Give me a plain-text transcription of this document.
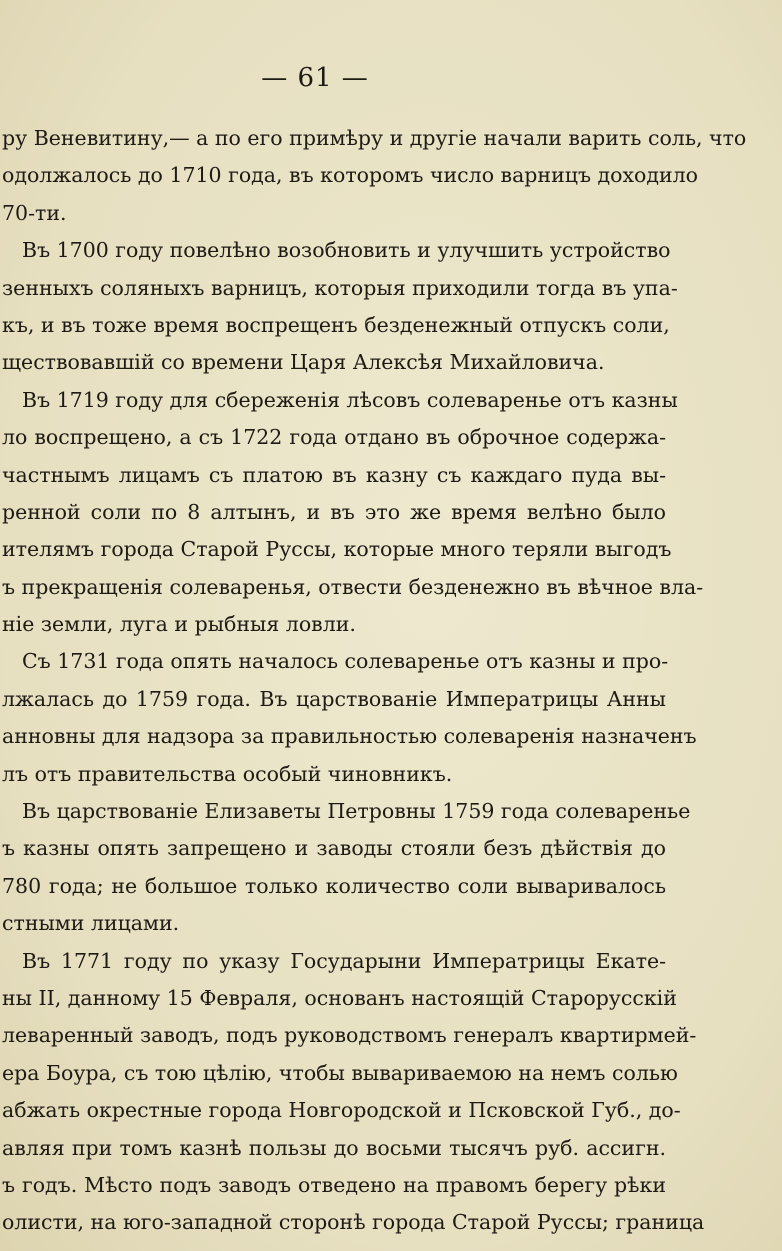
— 61 —
ру Веневитину,— а по его примѣру и другіе начали варить соль, что
одолжалось до 1710 года, въ которомъ число варницъ доходило
70-ти.
Въ 1700 году повелѣно возобновить и улучшить устройство
зенныхъ соляныхъ варницъ, которыя приходили тогда въ упа-
къ, и въ тоже время воспрещенъ безденежный отпускъ соли,
ществовавшій со времени Царя Алексѣя Михайловича.
Въ 1719 году для сбереженія лѣсовъ солеваренье отъ казны
ло воспрещено, а съ 1722 года отдано въ оброчное содержа-
частнымъ лицамъ съ платою въ казну съ каждаго пуда вы-
ренной соли по 8 алтынъ, и въ это же время велѣно было
ителямъ города Старой Руссы, которые много теряли выгодъ
ъ прекращенія солеваренья, отвести безденежно въ вѣчное вла-
ніе земли, луга и рыбныя ловли.
Съ 1731 года опять началось солеваренье отъ казны и про-
лжалась до 1759 года. Въ царствованіе Императрицы Анны
анновны для надзора за правильностью солеваренія назначенъ
лъ отъ правительства особый чиновникъ.
Въ царствованіе Елизаветы Петровны 1759 года солеваренье
ъ казны опять запрещено и заводы стояли безъ дѣйствія до
780 года; не большое только количество соли вываривалось
стными лицами.
Въ 1771 году по указу Государыни Императрицы Екате-
ны II, данному 15 Февраля, основанъ настоящій Старорусскій
леваренный заводъ, подъ руководствомъ генералъ квартирмей-
ера Боура, съ тою цѣлію, чтобы вывариваемою на немъ солью
абжать окрестные города Новгородской и Псковской Губ., до-
авляя при томъ казнѣ пользы до восьми тысячъ руб. ассигн.
ъ годъ. Мѣсто подъ заводъ отведено на правомъ берегу рѣки
олисти, на юго-западной сторонѣ города Старой Руссы; граница
